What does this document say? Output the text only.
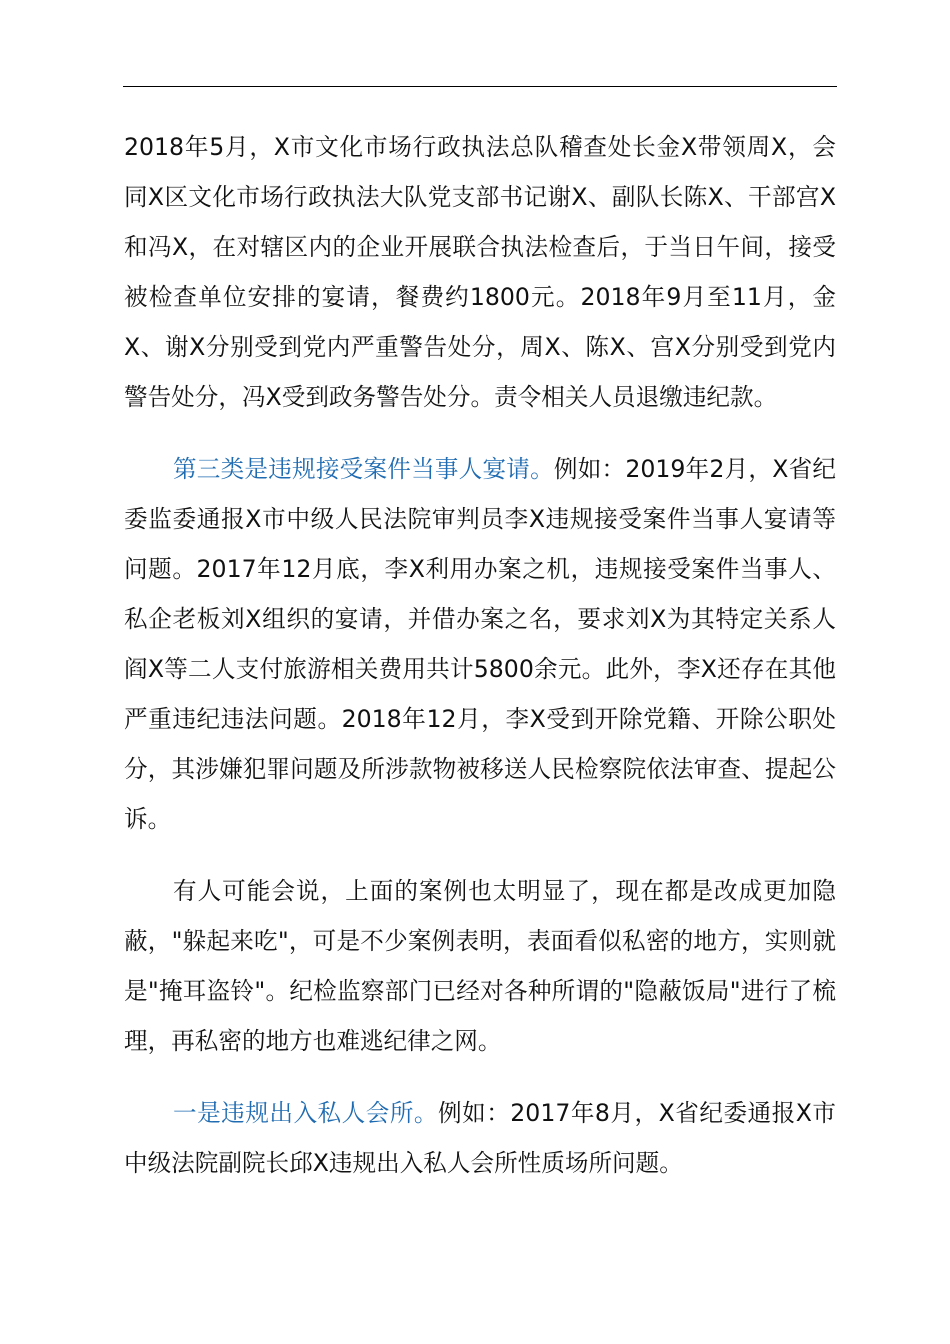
2018年5月，X市文化市场行政执法总队稽查处长金X带领周X，会同X区文化市场行政执法大队党支部书记谢X、副队长陈X、干部宫X和冯X，在对辖区内的企业开展联合执法检查后，于当日午间，接受被检查单位安排的宴请，餐费约1800元。2018年9月至11月，金X、谢X分别受到党内严重警告处分，周X、陈X、宫X分别受到党内警告处分，冯X受到政务警告处分。责令相关人员退缴违纪款。

第三类是违规接受案件当事人宴请。例如：2019年2月，X省纪委监委通报X市中级人民法院审判员李X违规接受案件当事人宴请等问题。2017年12月底，李X利用办案之机，违规接受案件当事人、私企老板刘X组织的宴请，并借办案之名，要求刘X为其特定关系人阎X等二人支付旅游相关费用共计5800余元。此外，李X还存在其他严重违纪违法问题。2018年12月，李X受到开除党籍、开除公职处分，其涉嫌犯罪问题及所涉款物被移送人民检察院依法审查、提起公诉。

有人可能会说，上面的案例也太明显了，现在都是改成更加隐蔽，"躲起来吃"，可是不少案例表明，表面看似私密的地方，实则就是"掩耳盗铃"。纪检监察部门已经对各种所谓的"隐蔽饭局"进行了梳理，再私密的地方也难逃纪律之网。

一是违规出入私人会所。例如：2017年8月，X省纪委通报X市中级法院副院长邱X违规出入私人会所性质场所问题。
